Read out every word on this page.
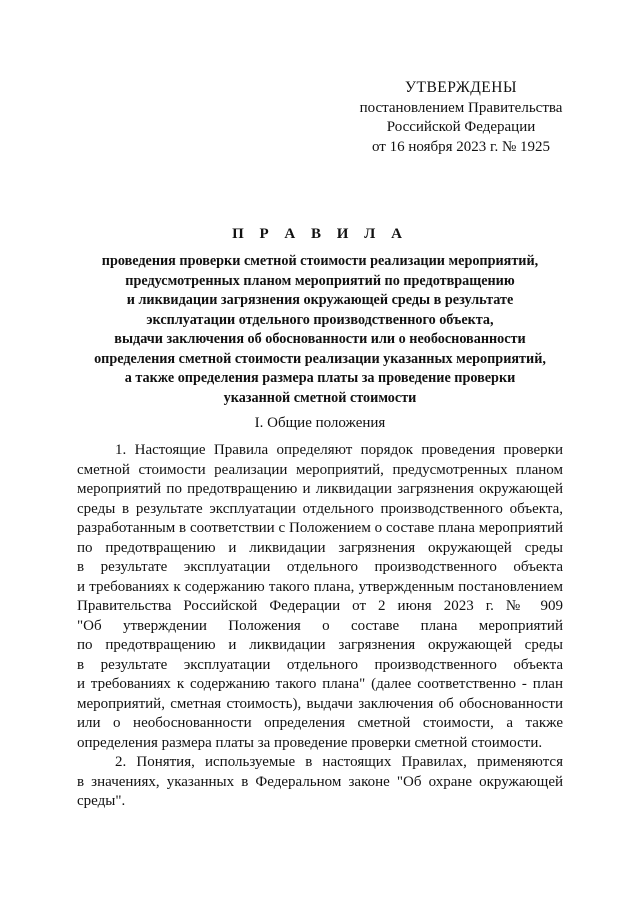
УТВЕРЖДЕНЫ
постановлением Правительства
Российской Федерации
от 16 ноября 2023 г. № 1925
П Р А В И Л А
проведения проверки сметной стоимости реализации мероприятий,
предусмотренных планом мероприятий по предотвращению
и ликвидации загрязнения окружающей среды в результате
эксплуатации отдельного производственного объекта,
выдачи заключения об обоснованности или о необоснованности
определения сметной стоимости реализации указанных мероприятий,
а также определения размера платы за проведение проверки
указанной сметной стоимости
I. Общие положения
1. Настоящие Правила определяют порядок проведения проверки
сметной стоимости реализации мероприятий, предусмотренных планом
мероприятий по предотвращению и ликвидации загрязнения окружающей
среды в результате эксплуатации отдельного производственного объекта,
разработанным в соответствии с Положением о составе плана мероприятий
по предотвращению и ликвидации загрязнения окружающей среды
в результате эксплуатации отдельного производственного объекта
и требованиях к содержанию такого плана, утвержденным постановлением
Правительства Российской Федерации от 2 июня 2023 г. № 909
"Об утверждении Положения о составе плана мероприятий
по предотвращению и ликвидации загрязнения окружающей среды
в результате эксплуатации отдельного производственного объекта
и требованиях к содержанию такого плана" (далее соответственно - план
мероприятий, сметная стоимость), выдачи заключения об обоснованности
или о необоснованности определения сметной стоимости, а также
определения размера платы за проведение проверки сметной стоимости.
2. Понятия, используемые в настоящих Правилах, применяются
в значениях, указанных в Федеральном законе "Об охране окружающей
среды".
